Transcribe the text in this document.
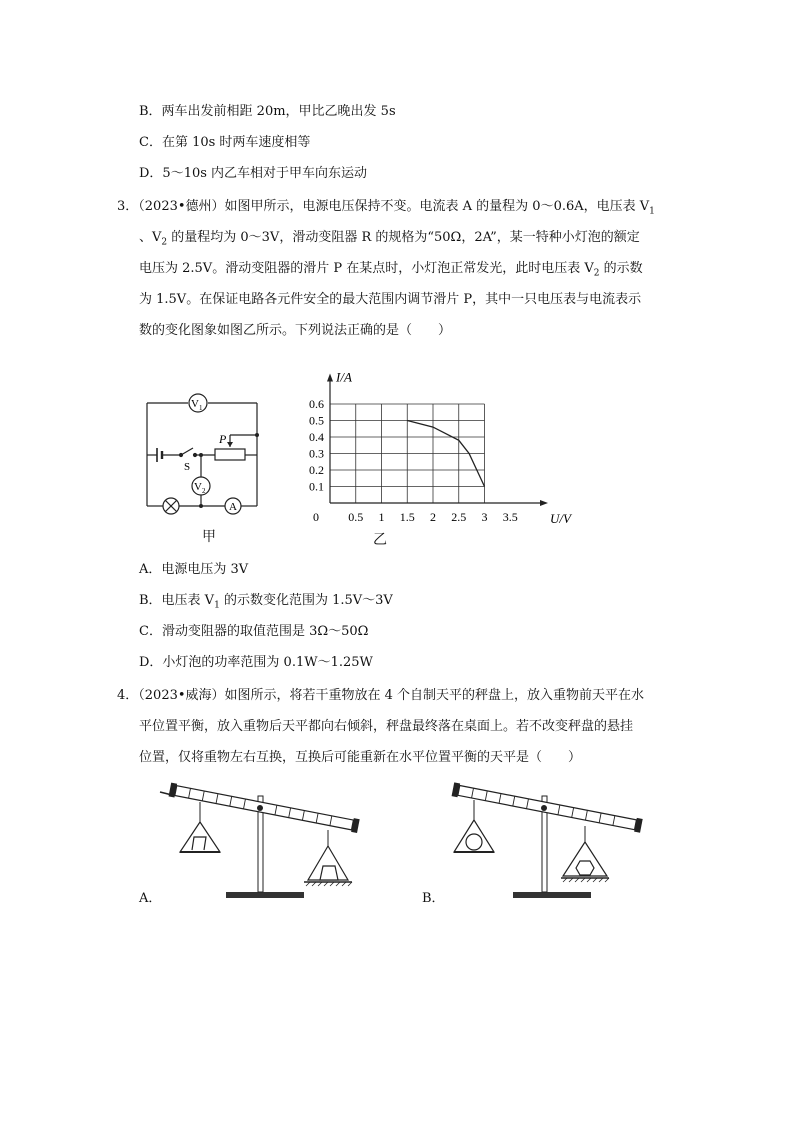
B．两车出发前相距 20m，甲比乙晚出发 5s
C．在第 10s 时两车速度相等
D．5～10s 内乙车相对于甲车向东运动
3．（2023•德州）如图甲所示，电源电压保持不变。电流表 A 的量程为 0～0.6A，电压表 $V_1$
、$V_2$ 的量程均为 0～3V，滑动变阻器 R 的规格为“50Ω，2A”，某一特种小灯泡的额定
电压为 2.5V。滑动变阻器的滑片 P 在某点时，小灯泡正常发光，此时电压表 $V_2$ 的示数
为 1.5V。在保证电路各元件安全的最大范围内调节滑片 P，其中一只电压表与电流表示
数的变化图象如图乙所示。下列说法正确的是（　　）
$V_1$
$V_2$
A
S
P
甲
0 0.5 1 1.5 2 2.5 3 3.5
0.1
0.2
0.3
0.4
0.5
0.6
I/A
U/V
乙
A．电源电压为 3V
B．电压表 $V_1$ 的示数变化范围为 1.5V～3V
C．滑动变阻器的取值范围是 3Ω～50Ω
D．小灯泡的功率范围为 0.1W～1.25W
4．（2023•威海）如图所示，将若干重物放在 4 个自制天平的秤盘上，放入重物前天平在水
平位置平衡，放入重物后天平都向右倾斜，秤盘最终落在桌面上。若不改变秤盘的悬挂
位置，仅将重物左右互换，互换后可能重新在水平位置平衡的天平是（　　）
A．	B．
